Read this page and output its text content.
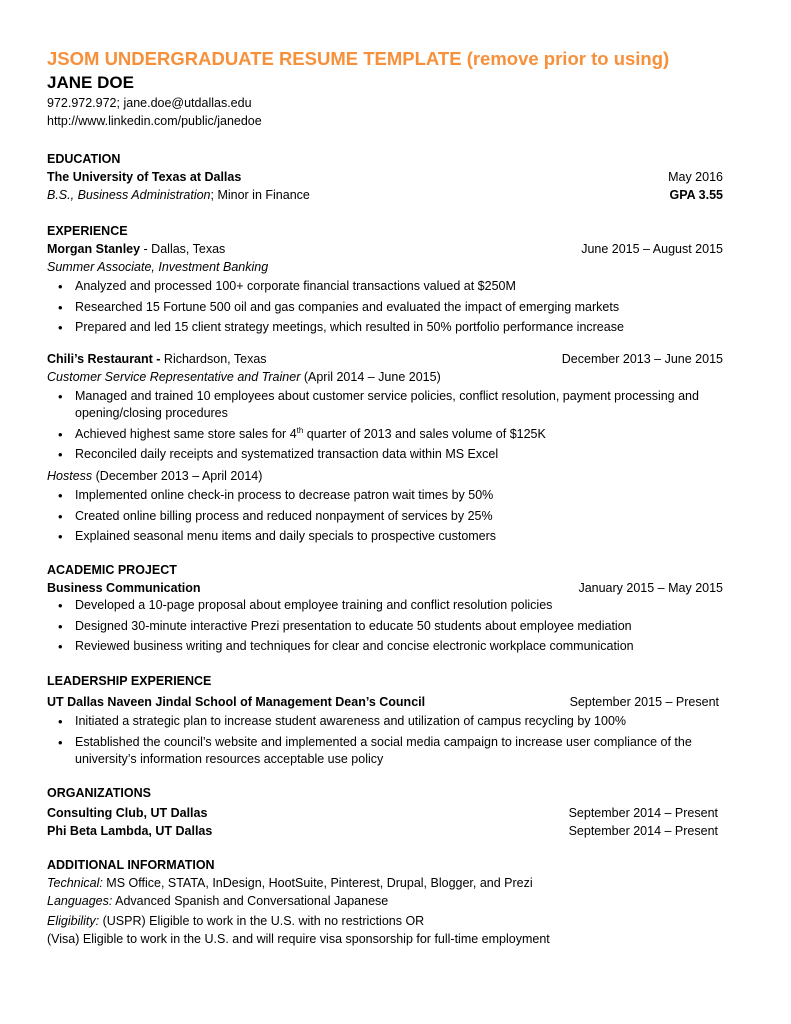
JSOM UNDERGRADUATE RESUME TEMPLATE (remove prior to using)
JANE DOE
972.972.972; jane.doe@utdallas.edu
http://www.linkedin.com/public/janedoe
EDUCATION
The University of Texas at Dallas	May 2016
B.S., Business Administration; Minor in Finance	GPA 3.55
EXPERIENCE
Morgan Stanley - Dallas, Texas	June 2015 – August 2015
Summer Associate, Investment Banking
• Analyzed and processed 100+ corporate financial transactions valued at $250M
• Researched 15 Fortune 500 oil and gas companies and evaluated the impact of emerging markets
• Prepared and led 15 client strategy meetings, which resulted in 50% portfolio performance increase
Chili’s Restaurant - Richardson, Texas	December 2013 – June 2015
Customer Service Representative and Trainer (April 2014 – June 2015)
• Managed and trained 10 employees about customer service policies, conflict resolution, payment processing and opening/closing procedures
• Achieved highest same store sales for 4th quarter of 2013 and sales volume of $125K
• Reconciled daily receipts and systematized transaction data within MS Excel
Hostess (December 2013 – April 2014)
• Implemented online check-in process to decrease patron wait times by 50%
• Created online billing process and reduced nonpayment of services by 25%
• Explained seasonal menu items and daily specials to prospective customers
ACADEMIC PROJECT
Business Communication	January 2015 – May 2015
• Developed a 10-page proposal about employee training and conflict resolution policies
• Designed 30-minute interactive Prezi presentation to educate 50 students about employee mediation
• Reviewed business writing and techniques for clear and concise electronic workplace communication
LEADERSHIP EXPERIENCE
UT Dallas Naveen Jindal School of Management Dean’s Council	September 2015 – Present
• Initiated a strategic plan to increase student awareness and utilization of campus recycling by 100%
• Established the council’s website and implemented a social media campaign to increase user compliance of the university’s information resources acceptable use policy
ORGANIZATIONS
Consulting Club, UT Dallas	September 2014 – Present
Phi Beta Lambda, UT Dallas	September 2014 – Present
ADDITIONAL INFORMATION
Technical: MS Office, STATA, InDesign, HootSuite, Pinterest, Drupal, Blogger, and Prezi
Languages: Advanced Spanish and Conversational Japanese
Eligibility: (USPR) Eligible to work in the U.S. with no restrictions OR
(Visa) Eligible to work in the U.S. and will require visa sponsorship for full-time employment
